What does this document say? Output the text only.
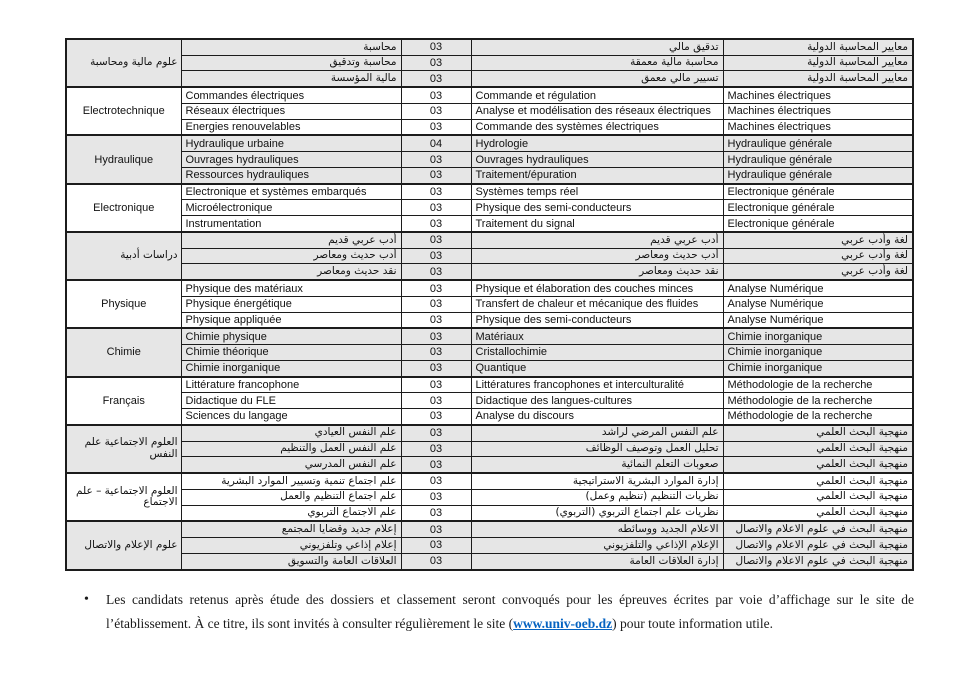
علوم مالية ومحاسبة	محاسبة	03	تدقيق مالي	معايير المحاسبة الدولية
	محاسبة وتدقيق	03	محاسبة مالية معمقة	معايير المحاسبة الدولية
	مالية المؤسسة	03	تسيير مالي معمق	معايير المحاسبة الدولية
Electrotechnique	Commandes électriques	03	Commande et régulation	Machines électriques
	Réseaux électriques	03	Analyse et modélisation des réseaux électriques	Machines électriques
	Energies renouvelables	03	Commande des systèmes électriques	Machines électriques
Hydraulique	Hydraulique urbaine	04	Hydrologie	Hydraulique générale
	Ouvrages hydrauliques	03	Ouvrages hydrauliques	Hydraulique générale
	Ressources hydrauliques	03	Traitement/épuration	Hydraulique générale
Electronique	Electronique et systèmes embarqués	03	Systèmes temps réel	Electronique générale
	Microélectronique	03	Physique des semi-conducteurs	Electronique générale
	Instrumentation	03	Traitement du signal	Electronique générale
دراسات أدبية	أدب عربي قديم	03	أدب عربي قديم	لغة وأدب عربي
	أدب حديث ومعاصر	03	أدب حديث ومعاصر	لغة وأدب عربي
	نقد حديث ومعاصر	03	نقد حديث ومعاصر	لغة وأدب عربي
Physique	Physique des matériaux	03	Physique et élaboration des couches minces	Analyse Numérique
	Physique énergétique	03	Transfert de chaleur et mécanique des fluides	Analyse Numérique
	Physique appliquée	03	Physique des semi-conducteurs	Analyse Numérique
Chimie	Chimie physique	03	Matériaux	Chimie inorganique
	Chimie théorique	03	Cristallochimie	Chimie inorganique
	Chimie inorganique	03	Quantique	Chimie inorganique
Français	Littérature francophone	03	Littératures francophones et interculturalité	Méthodologie de la recherche
	Didactique du FLE	03	Didactique des langues-cultures	Méthodologie de la recherche
	Sciences du langage	03	Analyse du discours	Méthodologie de la recherche
العلوم الاجتماعية علم النفس	علم النفس العيادي	03	علم النفس المرضي لراشد	منهجية البحث العلمي
	علم النفس العمل والتنظيم	03	تحليل العمل وتوصيف الوظائف	منهجية البحث العلمي
	علم النفس المدرسي	03	صعوبات التعلم النمائية	منهجية البحث العلمي
العلوم الاجتماعية – علم الاجتماع	علم اجتماع تنمية وتسيير الموارد البشرية	03	إدارة الموارد البشرية الاستراتيجية	منهجية البحث العلمي
	علم اجتماع التنظيم والعمل	03	نظريات التنظيم (تنظيم وعمل)	منهجية البحث العلمي
	علم الاجتماع التربوي	03	نظريات علم اجتماع التربوي (التربوي)	منهجية البحث العلمي
علوم الإعلام والاتصال	إعلام جديد وقضايا المجتمع	03	الاعلام الجديد ووسائطه	منهجية البحث في علوم الاعلام والاتصال
	إعلام إذاعي وتلفزيوني	03	الإعلام الإذاعي والتلفزيوني	منهجية البحث في علوم الاعلام والاتصال
	العلاقات العامة والتسويق	03	إدارة العلاقات العامة	منهجية البحث في علوم الاعلام والاتصال
•	Les candidats retenus après étude des dossiers et classement seront convoqués pour les épreuves écrites par voie d’affichage sur le site de l’établissement. À ce titre, ils sont invités à consulter régulièrement le site (www.univ-oeb.dz) pour toute information utile.
